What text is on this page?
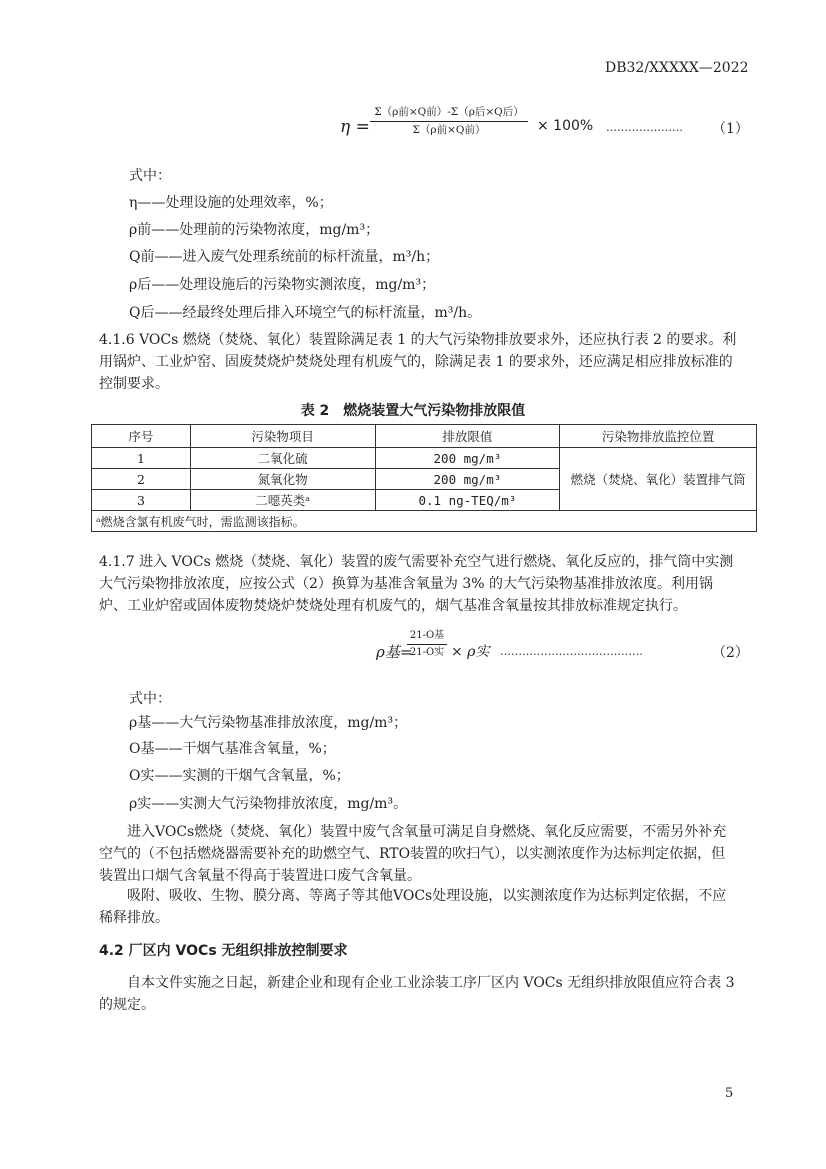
DB32/XXXXX—2022
η =
Σ（ρ前×Q前）-Σ（ρ后×Q后）
Σ（ρ前×Q前）	× 100% ………………… （1）
式中：
η——处理设施的处理效率，%；
ρ前——处理前的污染物浓度，mg/m³；
Q前——进入废气处理系统前的标杆流量，m³/h；
ρ后——处理设施后的污染物实测浓度，mg/m³；
Q后——经最终处理后排入环境空气的标杆流量，m³/h。
4.1.6 VOCs 燃烧（焚烧、氧化）装置除满足表 1 的大气污染物排放要求外，还应执行表 2 的要求。利用锅炉、工业炉窑、固废焚烧炉焚烧处理有机废气的，除满足表 1 的要求外，还应满足相应排放标准的控制要求。
表 2　燃烧装置大气污染物排放限值
序号	污染物项目	排放限值	污染物排放监控位置
1	二氧化硫	200 mg/m³	燃烧（焚烧、氧化）装置排气筒
2	氮氧化物	200 mg/m³	
3	二噁英类ᵃ	0.1 ng-TEQ/m³	
ᵃ燃烧含氯有机废气时，需监测该指标。			
4.1.7 进入 VOCs 燃烧（焚烧、氧化）装置的废气需要补充空气进行燃烧、氧化反应的，排气筒中实测大气污染物排放浓度，应按公式（2）换算为基准含氧量为 3% 的大气污染物基准排放浓度。利用锅炉、工业炉窑或固体废物焚烧炉焚烧处理有机废气的，烟气基准含氧量按其排放标准规定执行。
ρ基=
21-O基
21-O实 × ρ实 …………………………………	（2）
式中：
ρ基——大气污染物基准排放浓度，mg/m³；
O基——干烟气基准含氧量，%；
O实——实测的干烟气含氧量，%；
ρ实——实测大气污染物排放浓度，mg/m³。
进入VOCs燃烧（焚烧、氧化）装置中废气含氧量可满足自身燃烧、氧化反应需要，不需另外补充空气的（不包括燃烧器需要补充的助燃空气、RTO装置的吹扫气），以实测浓度作为达标判定依据，但装置出口烟气含氧量不得高于装置进口废气含氧量。
吸附、吸收、生物、膜分离、等离子等其他VOCs处理设施，以实测浓度作为达标判定依据，不应稀释排放。
4.2 厂区内 VOCs 无组织排放控制要求
自本文件实施之日起，新建企业和现有企业工业涂装工序厂区内 VOCs 无组织排放限值应符合表 3 的规定。
5
